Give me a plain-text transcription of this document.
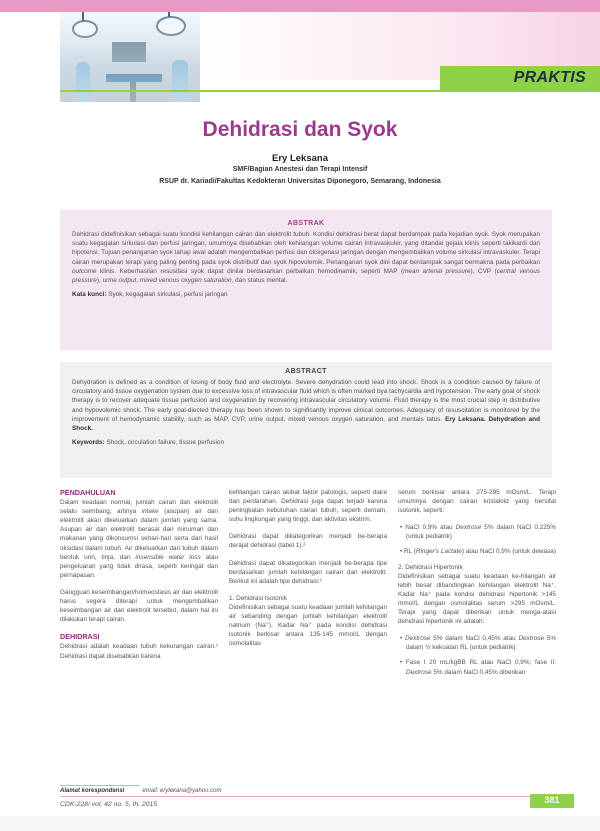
PRAKTIS
Dehidrasi dan Syok
Ery Leksana
SMF/Bagian Anestesi dan Terapi Intensif
RSUP dr. Kariadi/Fakultas Kedokteran Universitas Diponegoro, Semarang, Indonesia
ABSTRAK
Dehidrasi didefinisikan sebagai suatu kondisi kehilangan cairan dan elektrolit tubuh. Kondisi dehidrasi berat dapat berdampak pada kejadian syok. Syok merupakan suatu kegagalan sirkulasi dan perfusi jaringan, umumnya disebabkan oleh kehilangan volume cairan intravaskuler, yang ditandai gejala klinis seperti takikardi dan hipotensi. Tujuan penanganan syok tahap awal adalah mengembalikan perfusi dan oksigenasi jaringan dengan mengembalikan volume sirkulasi intravaskuler. Terapi cairan merupakan terapi yang paling penting pada syok distributif dan syok hipovolemik. Penanganan syok dini dapat berdampak sangat bermakna pada perbaikan outcome klinis. Keberhasilan resusitasi syok dapat dinilai berdasarkan perbaikan hemodinamik, seperti MAP (mean arterial pressure), CVP (central venous pressure), urine output, mixed venous oxygen saturation, dan status mental.
Kata kunci: Syok, kegagalan sirkulasi, perfusi jaringan
ABSTRACT
Dehydration is defined as a condition of losing of body fluid and electrolyte. Severe dehydration could lead into shock. Shock is a condition caused by failure of circulatory and tissue oxygenation system due to excessive loss of intravascular fluid which is often marked bya tachycardia and hypotension. The early goal of shock therapy is to recover adequate tissue perfusion and oxygenation by recovering intravascular circulatory volume. Fluid therapy is the most crucial step in distributive and hypovolemic shock. The early goal-diected therapy has been shown to significantly improve clinical outcomes. Adequacy of resuscitation is monitored by the improvement of hemodynamic stability, such as MAP, CVP, urine output, mixed venous oxygen saturation, and mentals tatus. Ery Leksana. Dehydration and Shock.
Keywords: Shock, circulation failure, tissue perfusion
PENDAHULUAN

Dalam keadaan normal, jumlah cairan dan elektrolit selalu seimbang, artinya intake (asupan) air dan elektrolit akan dikeluarkan dalam jumlah yang sama. Asupan air dan elektrolit berasal dari minuman dan makanan yang dikonsumsi sehari-hari serta dari hasil oksidasi dalam tubuh. Air dikeluarkan dari tubuh dalam bentuk urin, tinja, dan insensible water loss atau pengeluaran yang tidak dirasa, seperti keringat dan pernapasan.

Gangguan keseimbangan/homeostasis air dan elektrolit harus segera diterapi untuk mengembalikan keseimbangan air dan elektrolit tersebut, dalam hal ini dilakukan terapi cairan.

DEHIDRASI

Dehidrasi adalah keadaan tubuh kekurangan cairan.¹ Dehidrasi dapat disebabkan karena

kehilangan cairan akibat faktor patologis, seperti diare dan perdarahan. Dehidrasi juga dapat terjadi karena peningkatan kebutuhan cairan tubuh, seperti demam, suhu lingkungan yang tinggi, dan aktivitas ekstrim.

Dehidrasi dapat dikategorikan menjadi be-berapa derajat dehidrasi (tabel 1).²

Dehidrasi dapat dikategorikan menjadi be-berapa tipe berdasarkan jumlah kehilangan cairan dan elektrolit. Berikut ini adalah tipe dehidrasi:²

1. Dehidrasi Isotonik

Didefinisikan sebagai suatu keadaan jumlah kehilangan air sebanding dengan jumlah kehilangan elektrolit natrium (Na⁺). Kadar Na⁺ pada kondisi dehidrasi isotonik berkisar antara 135-145 mmol/L dengan osmolalitas

serum berkisar antara 275-295 mOsm/L. Terapi umumnya dengan cairan kristaloid yang bersifat isotonik, seperti:

• NaCl 0,9% atau Dextrose 5% dalam NaCl 0,225% (untuk pediatrik)

• RL (Ringer's Lactate) atau NaCl 0,9% (untuk dewasa)

2. Dehidrasi Hipertonik

Didefinisikan sebagai suatu keadaan ke-hilangan air lebih besar dibandingkan kehilangan elektrolit Na⁺. Kadar Na⁺ pada kondisi dehidrasi hipertonik >145 mmol/L dengan osmolalitas serum >295 mOsm/L. Terapi yang dapat diberikan untuk menga-atasi dehidrasi hipertonik ini adalah:

• Dextrose 5% dalam NaCl 0,45% atau Dextrose 5% dalam ½ kekuatan RL (untuk pediatrik)

• Fase I 20 mL/kgBB RL atau NaCl 0,9%; fase II: Dextrose 5% dalam NaCl 0,45% diberikan

Alamat korespondensi	email: erylekana@yahoo.com
CDK-228/ vol. 42 no. 5, th. 2015	381
